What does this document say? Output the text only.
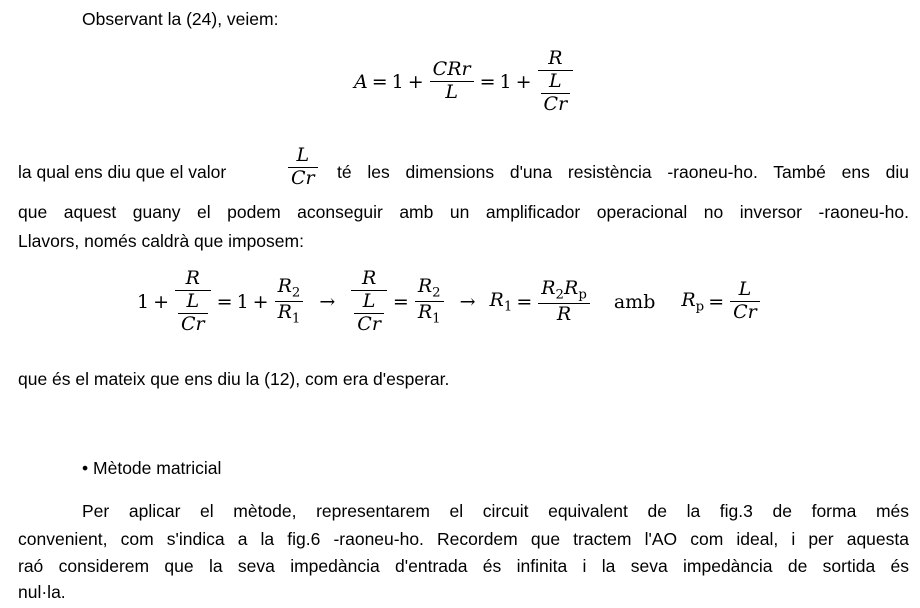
Observant la (24), veiem:
$A = 1 + \frac{\text{CRr}}{L} = 1 + \frac{R}{\frac{L}{Cr}}$
la qual ens diu que el valor	$\frac{L}{Cr}$ té les dimensions d'una resistència -raoneu-ho. També ens diu
que aquest guany el podem aconseguir amb un amplificador operacional no inversor -raoneu-ho.
Llavors, només caldrà que imposem:
$1 + \frac{R}{\frac{L}{Cr}} = 1 + \frac{R_2}{R_1} \to \frac{R}{\frac{L}{Cr}} = \frac{R_2}{R_1} \to R_1 = \frac{R_2R_p}{R}$	amb	$R_p = \frac{L}{Cr}$
que és el mateix que ens diu la (12), com era d'esperar.
• Mètode matricial
Per aplicar el mètode, representarem el circuit equivalent de la fig.3 de forma més
convenient, com s'indica a la fig.6 -raoneu-ho. Recordem que tractem l'AO com ideal, i per aquesta
raó considerem que la seva impedància d'entrada és infinita i la seva impedància de sortida és
nul·la.
